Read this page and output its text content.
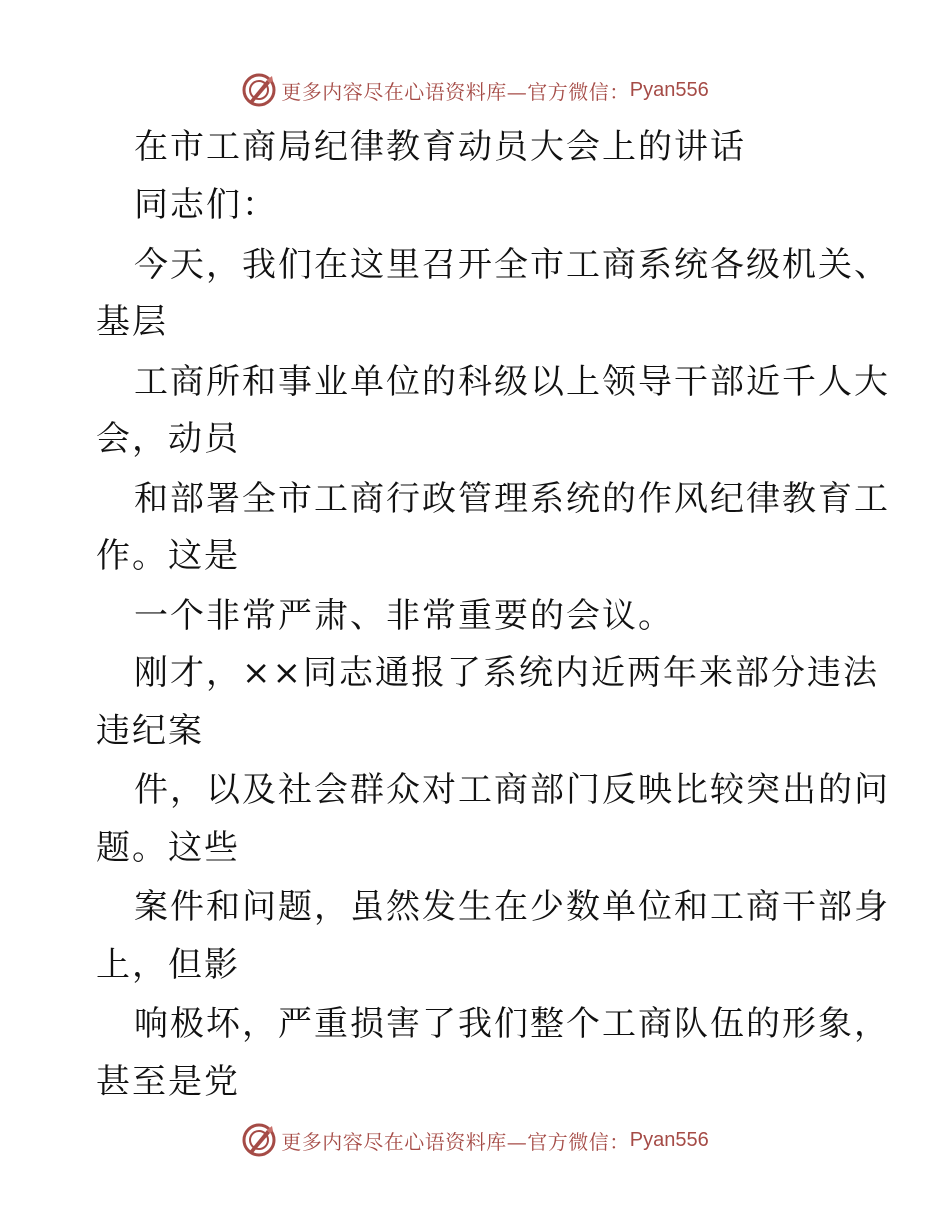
更多内容尽在心语资料库—官方微信： Pyan556
在市工商局纪律教育动员大会上的讲话
同志们：
今天，我们在这里召开全市工商系统各级机关、
基层
工商所和事业单位的科级以上领导干部近千人大
会，动员
和部署全市工商行政管理系统的作风纪律教育工
作。这是
一个非常严肃、非常重要的会议。
刚才，××同志通报了系统内近两年来部分违法
违纪案
件，以及社会群众对工商部门反映比较突出的问
题。这些
案件和问题，虽然发生在少数单位和工商干部身
上，但影
响极坏，严重损害了我们整个工商队伍的形象，
甚至是党
更多内容尽在心语资料库—官方微信： Pyan556
